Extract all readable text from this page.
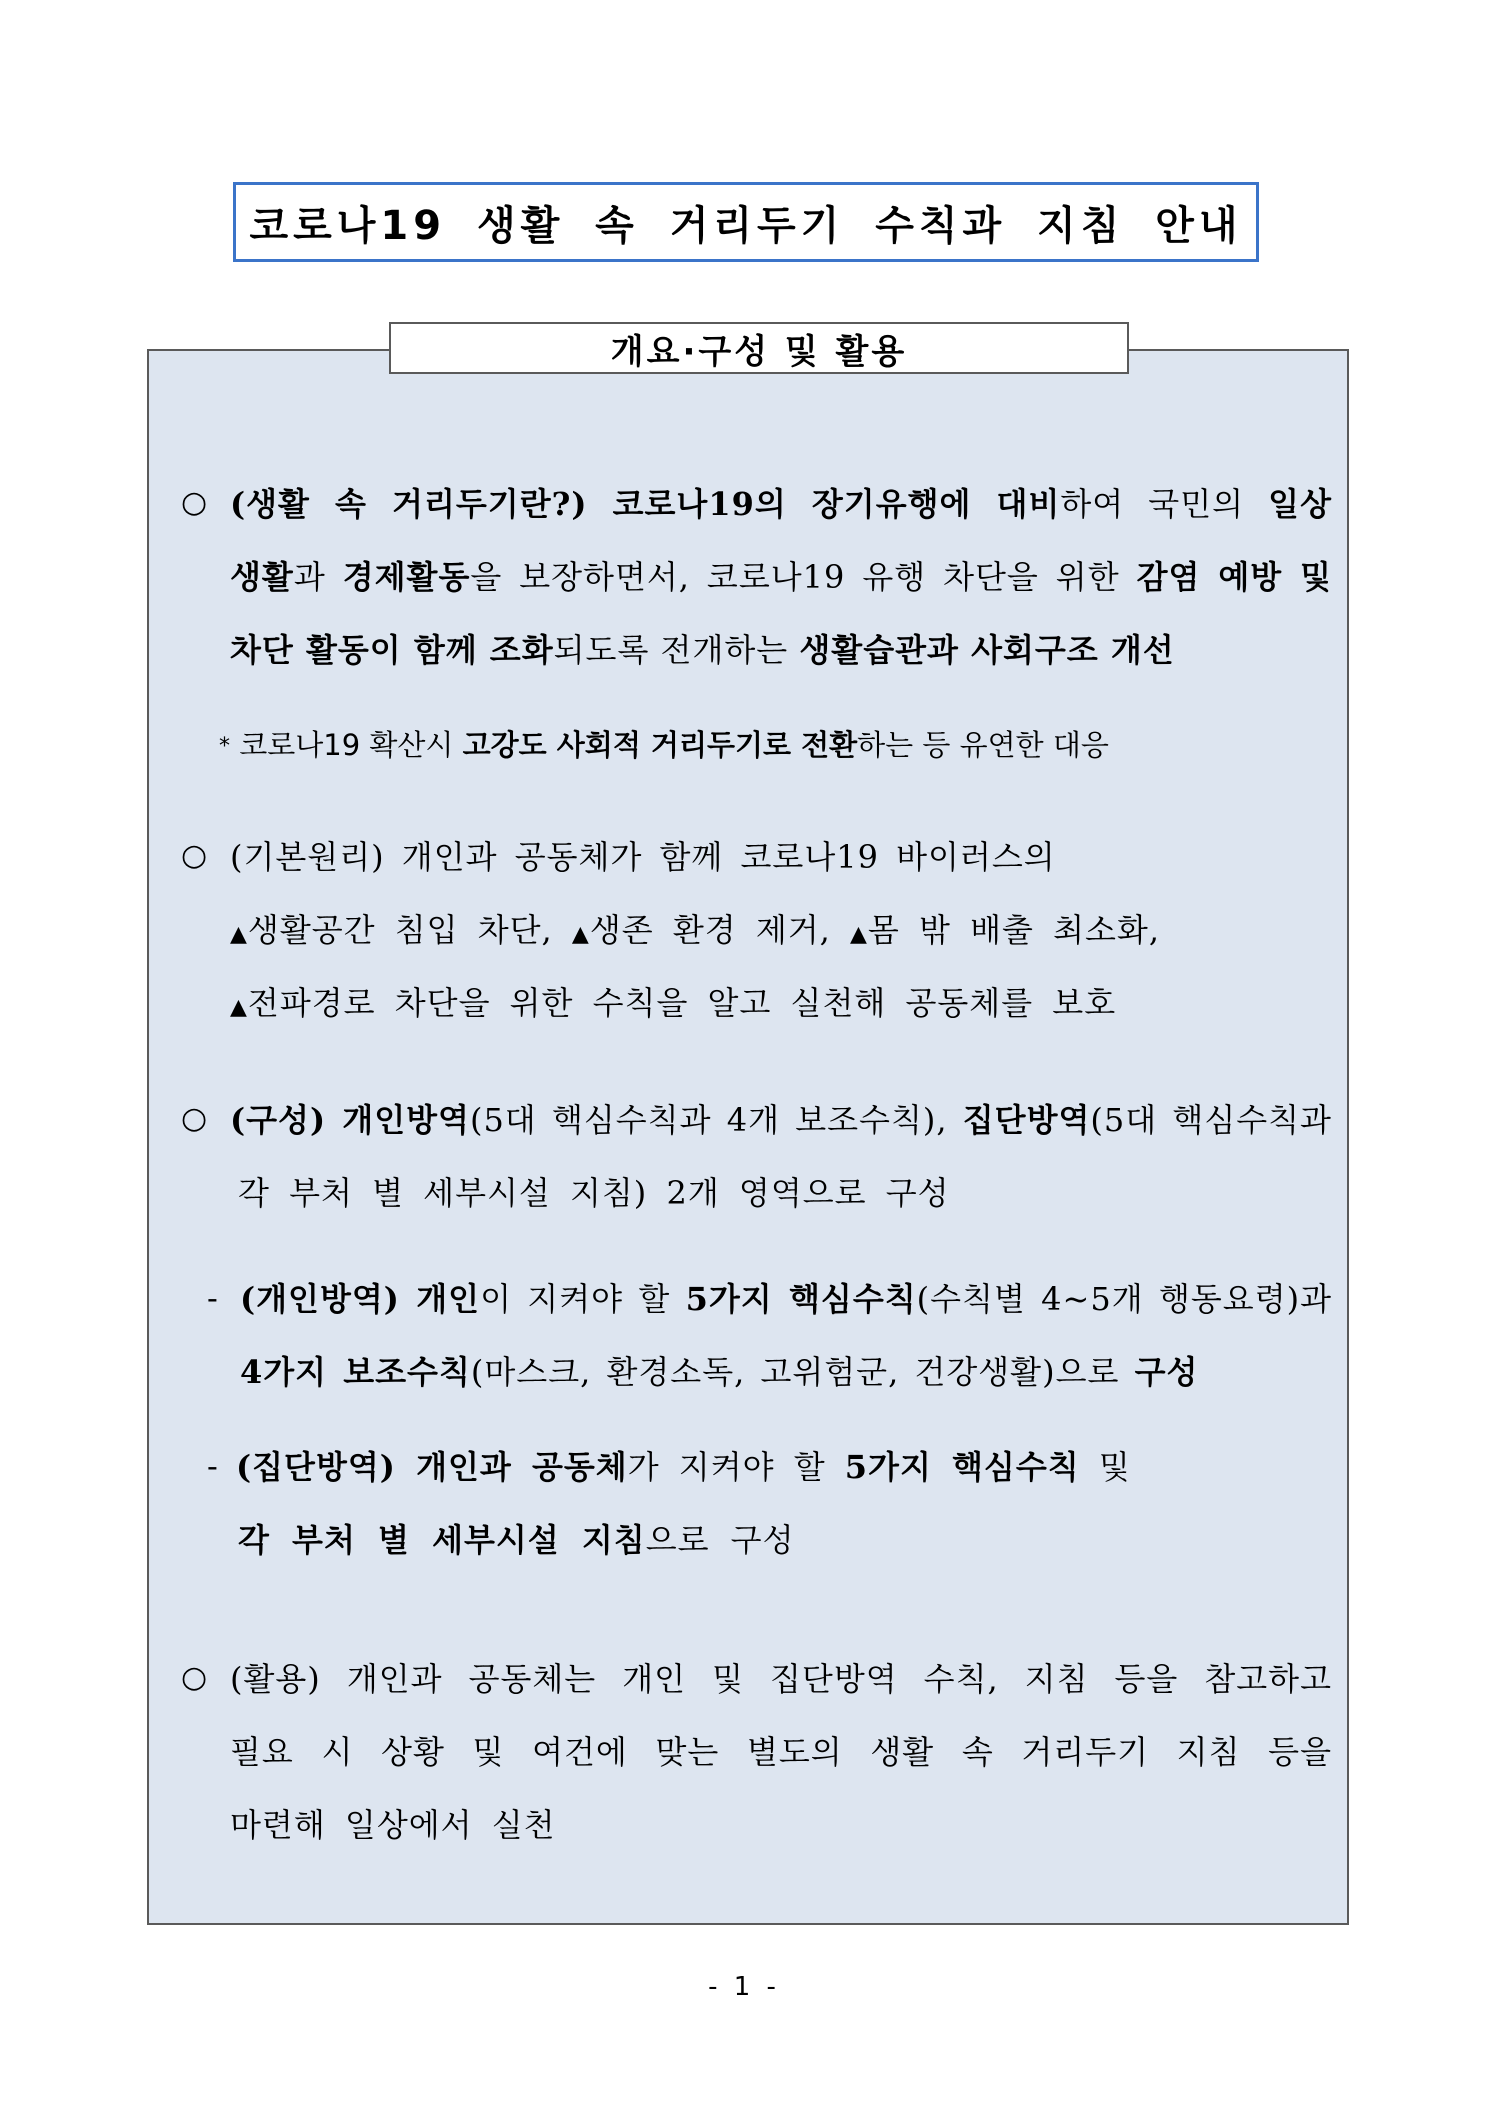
코로나19 생활 속 거리두기 수칙과 지침 안내
개요·구성 및 활용
○ (생활 속 거리두기란?) 코로나19의 장기유행에 대비하여 국민의 일상
생활과 경제활동을 보장하면서, 코로나19 유행 차단을 위한 감염 예방 및
차단 활동이 함께 조화되도록 전개하는 생활습관과 사회구조 개선
* 코로나19 확산시 고강도 사회적 거리두기로 전환하는 등 유연한 대응
○ (기본원리) 개인과 공동체가 함께 코로나19 바이러스의
▲생활공간 침입 차단, ▲생존 환경 제거, ▲몸 밖 배출 최소화,
▲전파경로 차단을 위한 수칙을 알고 실천해 공동체를 보호
○ (구성) 개인방역(5대 핵심수칙과 4개 보조수칙), 집단방역(5대 핵심수칙과
각 부처 별 세부시설 지침) 2개 영역으로 구성
- (개인방역) 개인이 지켜야 할 5가지 핵심수칙(수칙별 4~5개 행동요령)과
4가지 보조수칙(마스크, 환경소독, 고위험군, 건강생활)으로 구성
- (집단방역) 개인과 공동체가 지켜야 할 5가지 핵심수칙 및
각 부처 별 세부시설 지침으로 구성
○ (활용) 개인과 공동체는 개인 및 집단방역 수칙, 지침 등을 참고하고
필요 시 상황 및 여건에 맞는 별도의 생활 속 거리두기 지침 등을
마련해 일상에서 실천
- 1 -
